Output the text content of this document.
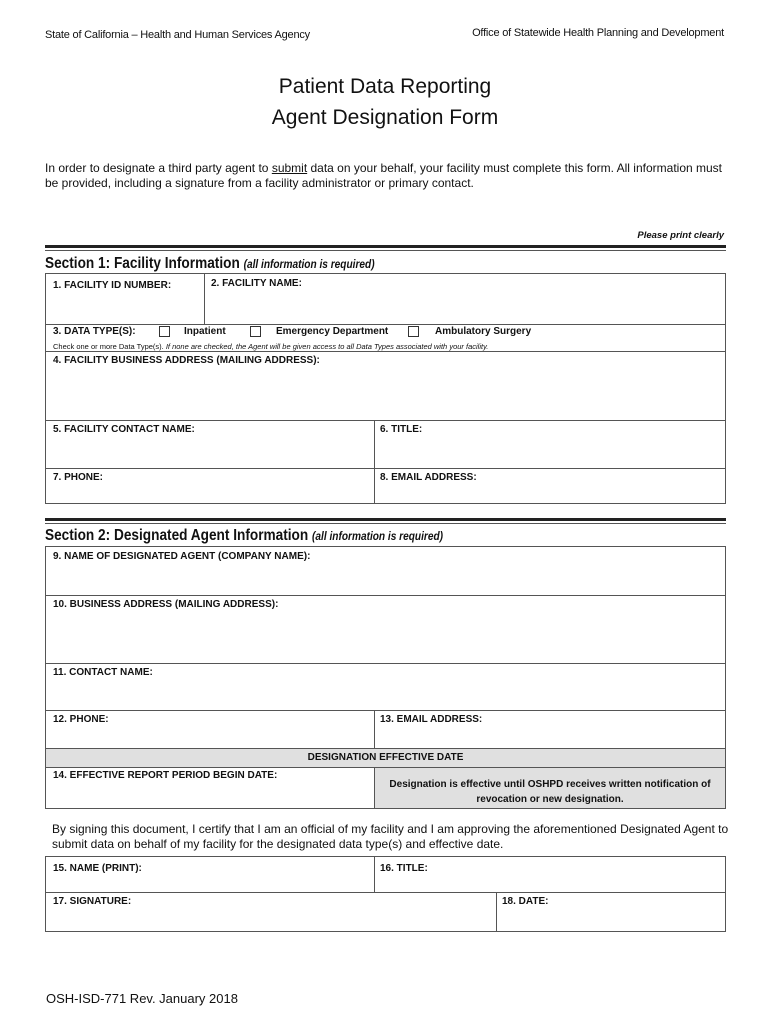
State of California – Health and Human Services Agency	Office of Statewide Health Planning and Development
Patient Data Reporting
Agent Designation Form
In order to designate a third party agent to submit data on your behalf, your facility must complete this form. All information must be provided, including a signature from a facility administrator or primary contact.
Please print clearly
Section 1: Facility Information (all information is required)
1. FACILITY ID NUMBER:	2. FACILITY NAME:
3. DATA TYPE(S):	Inpatient	Emergency Department	Ambulatory Surgery
Check one or more Data Type(s). If none are checked, the Agent will be given access to all Data Types associated with your facility.
4. FACILITY BUSINESS ADDRESS (MAILING ADDRESS):
5. FACILITY CONTACT NAME:	6. TITLE:
7. PHONE:	8. EMAIL ADDRESS:
Section 2: Designated Agent Information (all information is required)
9. NAME OF DESIGNATED AGENT (COMPANY NAME):
10. BUSINESS ADDRESS (MAILING ADDRESS):
11. CONTACT NAME:
12. PHONE:	13. EMAIL ADDRESS:
DESIGNATION EFFECTIVE DATE
14. EFFECTIVE REPORT PERIOD BEGIN DATE:
Designation is effective until OSHPD receives written notification of
revocation or new designation.
By signing this document, I certify that I am an official of my facility and I am approving the aforementioned Designated Agent to submit data on behalf of my facility for the designated data type(s) and effective date.
15. NAME (PRINT):	16. TITLE:
17. SIGNATURE:	18. DATE:
OSH-ISD-771 Rev. January 2018
